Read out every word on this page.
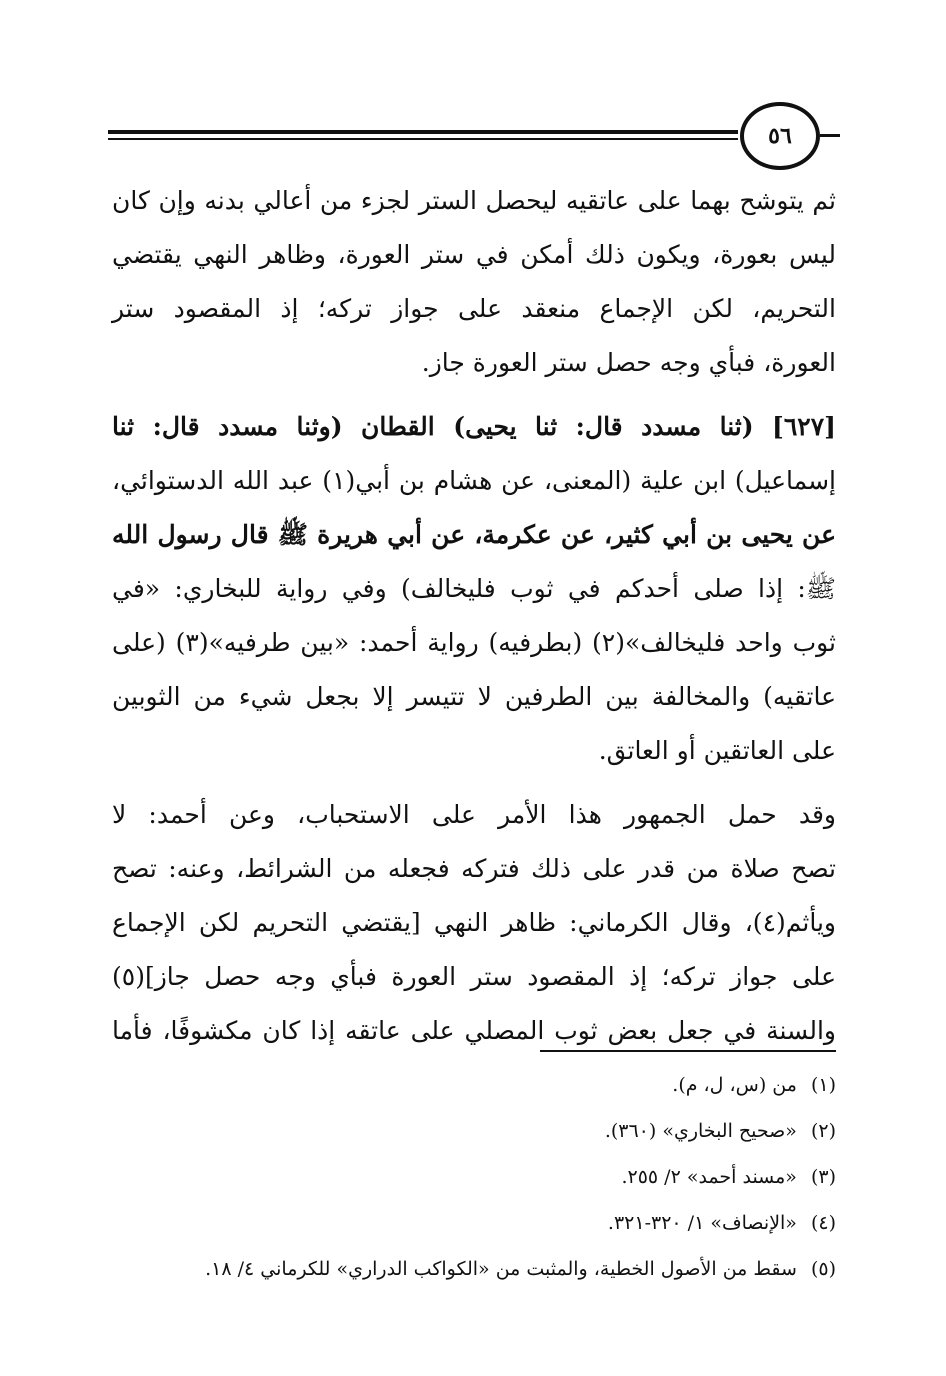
٥٦

ثم يتوشح بهما على عاتقيه ليحصل الستر لجزء من أعالي بدنه وإن كان
ليس بعورة، ويكون ذلك أمكن في ستر العورة، وظاهر النهي يقتضي
التحريم، لكن الإجماع منعقد على جواز تركه؛ إذ المقصود ستر
العورة، فبأي وجه حصل ستر العورة جاز.

[٦٢٧] (ثنا مسدد قال: ثنا يحيى) القطان (وثنا مسدد قال: ثنا
إسماعيل) ابن علية (المعنى، عن هشام بن أبي(١) عبد الله الدستوائي،
عن يحيى بن أبي كثير، عن عكرمة، عن أبي هريرة ﷺ قال رسول الله
ﷺ: إذا صلى أحدكم في ثوب فليخالف) وفي رواية للبخاري: «في
ثوب واحد فليخالف»(٢) (بطرفيه) رواية أحمد: «بين طرفيه»(٣) (على
عاتقيه) والمخالفة بين الطرفين لا تتيسر إلا بجعل شيء من الثوبين
على العاتقين أو العاتق.

وقد حمل الجمهور هذا الأمر على الاستحباب، وعن أحمد: لا
تصح صلاة من قدر على ذلك فتركه فجعله من الشرائط، وعنه: تصح
ويأثم(٤)، وقال الكرماني: ظاهر النهي [يقتضي التحريم لكن الإجماع
على جواز تركه؛ إذ المقصود ستر العورة فبأي وجه حصل جاز](٥)
والسنة في جعل بعض ثوب المصلي على عاتقه إذا كان مكشوفًا، فأما

(١)من (س، ل، م).
(٢)«صحيح البخاري» (٣٦٠).
(٣)«مسند أحمد» ٢/ ٢٥٥.
(٤)«الإنصاف» ١/ ٣٢٠-٣٢١.
(٥)سقط من الأصول الخطية، والمثبت من «الكواكب الدراري» للكرماني ٤/ ١٨.
